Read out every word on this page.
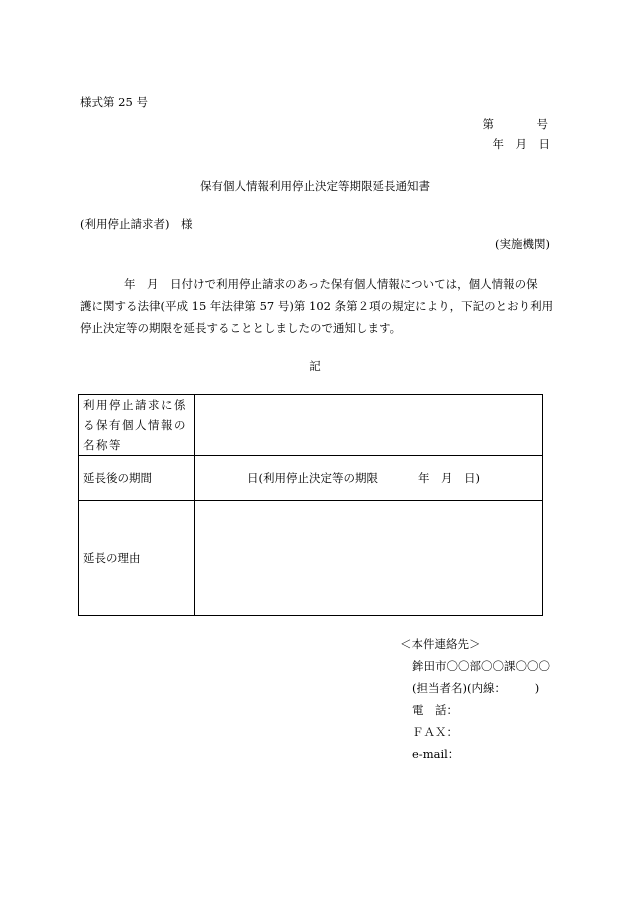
様式第 25 号
第　　　号
年　月　日
保有個人情報利用停止決定等期限延長通知書
(利用停止請求者)　様
(実施機関)
年　月　日付けで利用停止請求のあった保有個人情報については，個人情報の保
護に関する法律(平成 15 年法律第 57 号)第 102 条第２項の規定により，下記のとおり利用
停止決定等の期限を延長することとしましたので通知します。
記
利用停止請求に係る保有個人情報の名称等	
延長後の期間	日(利用停止決定等の期限 年　月　日)
延長の理由	
＜本件連絡先＞
鉾田市〇〇部〇〇課〇〇〇
(担当者名)(内線：　　　)
電　話：
ＦＡＸ：
e-mail：
